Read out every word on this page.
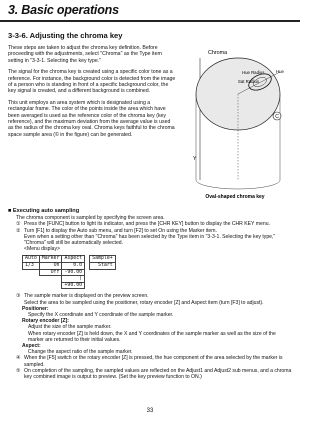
3. Basic operations
3-3-6. Adjusting the chroma key

These steps are taken to adjust the chroma key definition. Before proceeding with the adjustments, select "Chroma" as the Type item setting in "3-3-1. Selecting the key type."

The signal for the chroma key is created using a specific color tone as a reference. For instance, the background color is detected from the image of a person who is standing in front of a specific background color, the key signal is created, and a different background is combined.

This unit employs an area system which is designated using a rectangular frame. The color of the points inside the area which have been averaged is used as the reference color of the chroma key (key reference), and the maximum deviation from the average value is used as the radius of the chroma key oval. Chroma keys faithful to the chroma space sample area (© in the figure) can be generated.

C
Chroma
Hue Radius	Hue
Sat Radius
Y
Oval-shaped chroma key

■ Executing auto sampling

The chroma component is sampled by specifying the screen area.

① Press the [FUNC] button to light its indicator, and press the [CHR KEY] button to display the CHR KEY menu.
② Turn [F1] to display the Auto sub menu, and turn [F2] to set On using the Marker item.
Even when a setting other than "Chroma" has been selected by the Type item in "3-3-1. Selecting the key type," "Chroma" will still be automatically selected.
<Menu display>
Auto	Marker	Aspect		Sample+
1/3	On	0.0		Start
	Off	-90.00		
		|		
		+90.00		
③ The sample marker is displayed on the preview screen.
Select the area to be sampled using the positioner, rotary encoder [Z] and Aspect item (turn [F3] to adjust).

Positioner:

Specify the X coordinate and Y coordinate of the sample marker.

Rotary encoder [Z]:

Adjust the size of the sample marker.

When rotary encoder [Z] is held down, the X and Y coordinates of the sample marker as well as the size of the marker are returned to their initial values.

Aspect:

Change the aspect ratio of the sample marker.

④ When the [F5] switch or the rotary encoder [Z] is pressed, the hue component of the area selected by the marker is sampled.
⑤ On completion of the sampling, the sampled values are reflected on the Adjust1 and Adjust2 sub menus, and a chroma key combined image is output to preview. (Set the key preview function to ON.)
33
